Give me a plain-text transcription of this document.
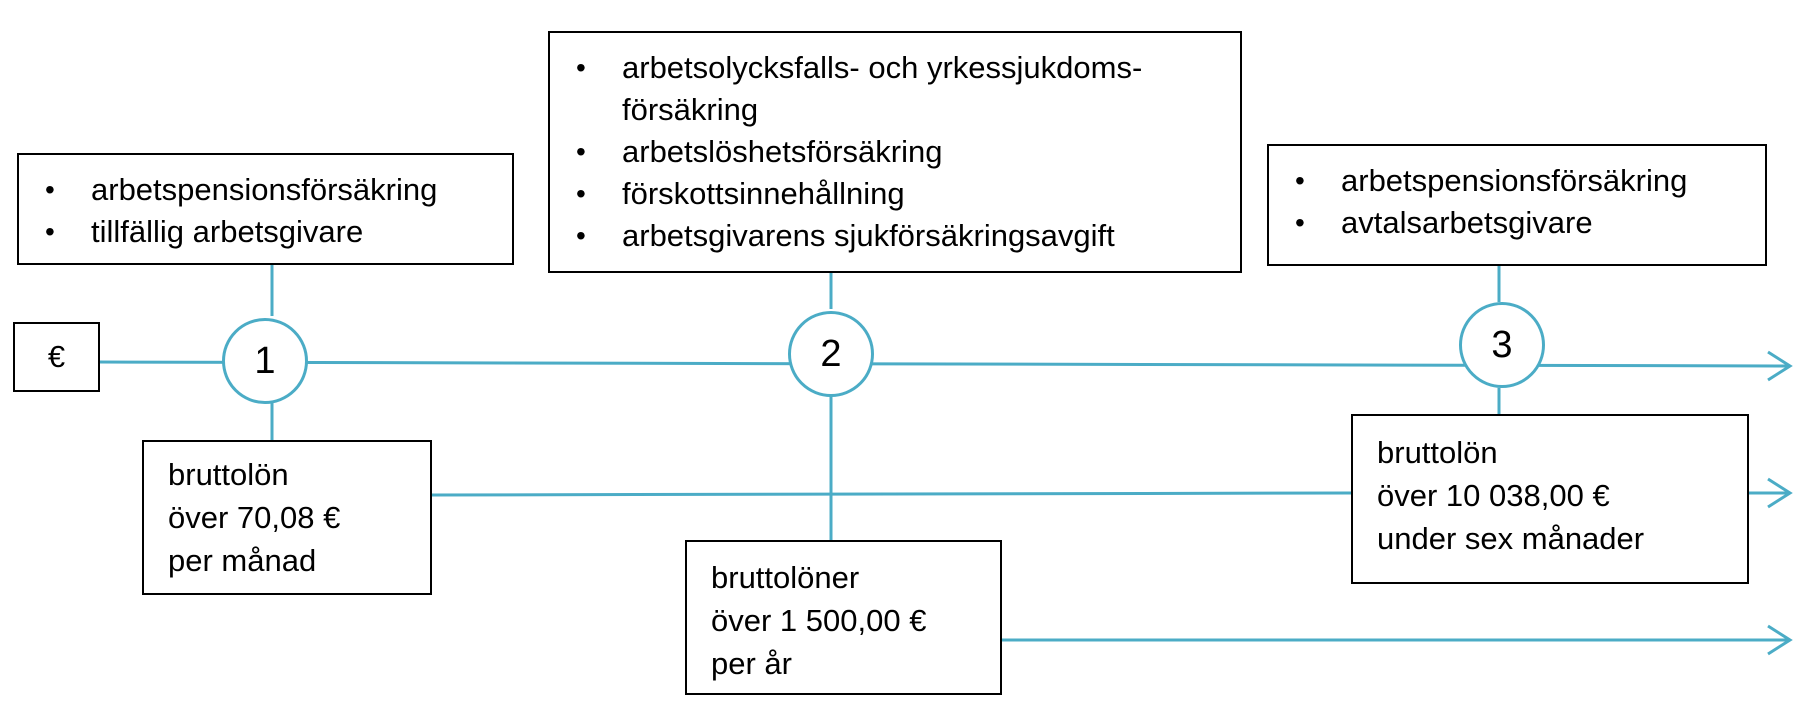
€
• arbetspensionsförsäkring
• tillfällig arbetsgivare
• arbetsolycksfalls- och yrkessjukdoms-
försäkring
• arbetslöshetsförsäkring
• förskottsinnehållning
• arbetsgivarens sjukförsäkringsavgift
• arbetspensionsförsäkring
• avtalsarbetsgivare
1	2	3
bruttolön
över 70,08 €
per månad	bruttolöner
över 1 500,00 €
per år
bruttolön
över 10 038,00 €
under sex månader
